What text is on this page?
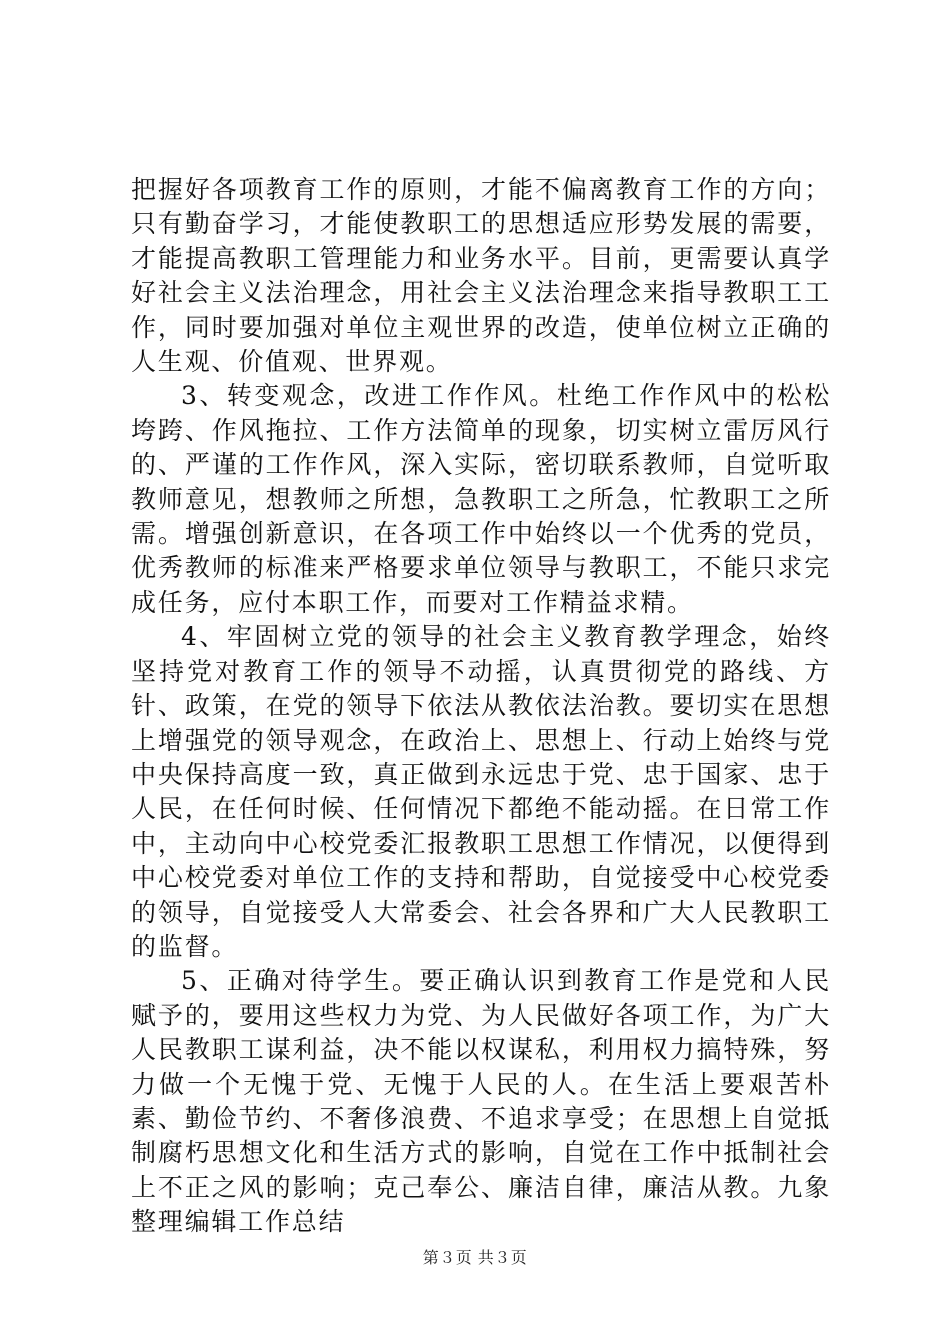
把握好各项教育工作的原则，才能不偏离教育工作的方向；只有勤奋学习，才能使教职工的思想适应形势发展的需要，才能提高教职工管理能力和业务水平。目前，更需要认真学好社会主义法治理念，用社会主义法治理念来指导教职工工作，同时要加强对单位主观世界的改造，使单位树立正确的人生观、价值观、世界观。

3、转变观念，改进工作作风。杜绝工作作风中的松松垮跨、作风拖拉、工作方法简单的现象，切实树立雷厉风行的、严谨的工作作风，深入实际，密切联系教师，自觉听取教师意见，想教师之所想，急教职工之所急，忙教职工之所需。增强创新意识，在各项工作中始终以一个优秀的党员，优秀教师的标准来严格要求单位领导与教职工，不能只求完成任务，应付本职工作，而要对工作精益求精。

4、牢固树立党的领导的社会主义教育教学理念，始终坚持党对教育工作的领导不动摇，认真贯彻党的路线、方针、政策，在党的领导下依法从教依法治教。要切实在思想上增强党的领导观念，在政治上、思想上、行动上始终与党中央保持高度一致，真正做到永远忠于党、忠于国家、忠于人民，在任何时候、任何情况下都绝不能动摇。在日常工作中，主动向中心校党委汇报教职工思想工作情况，以便得到中心校党委对单位工作的支持和帮助，自觉接受中心校党委的领导，自觉接受人大常委会、社会各界和广大人民教职工的监督。

5、正确对待学生。要正确认识到教育工作是党和人民赋予的，要用这些权力为党、为人民做好各项工作，为广大人民教职工谋利益，决不能以权谋私，利用权力搞特殊，努力做一个无愧于党、无愧于人民的人。在生活上要艰苦朴素、勤俭节约、不奢侈浪费、不追求享受；在思想上自觉抵制腐朽思想文化和生活方式的影响，自觉在工作中抵制社会上不正之风的影响；克己奉公、廉洁自律，廉洁从教。九象整理编辑工作总结

第３页 共３页
